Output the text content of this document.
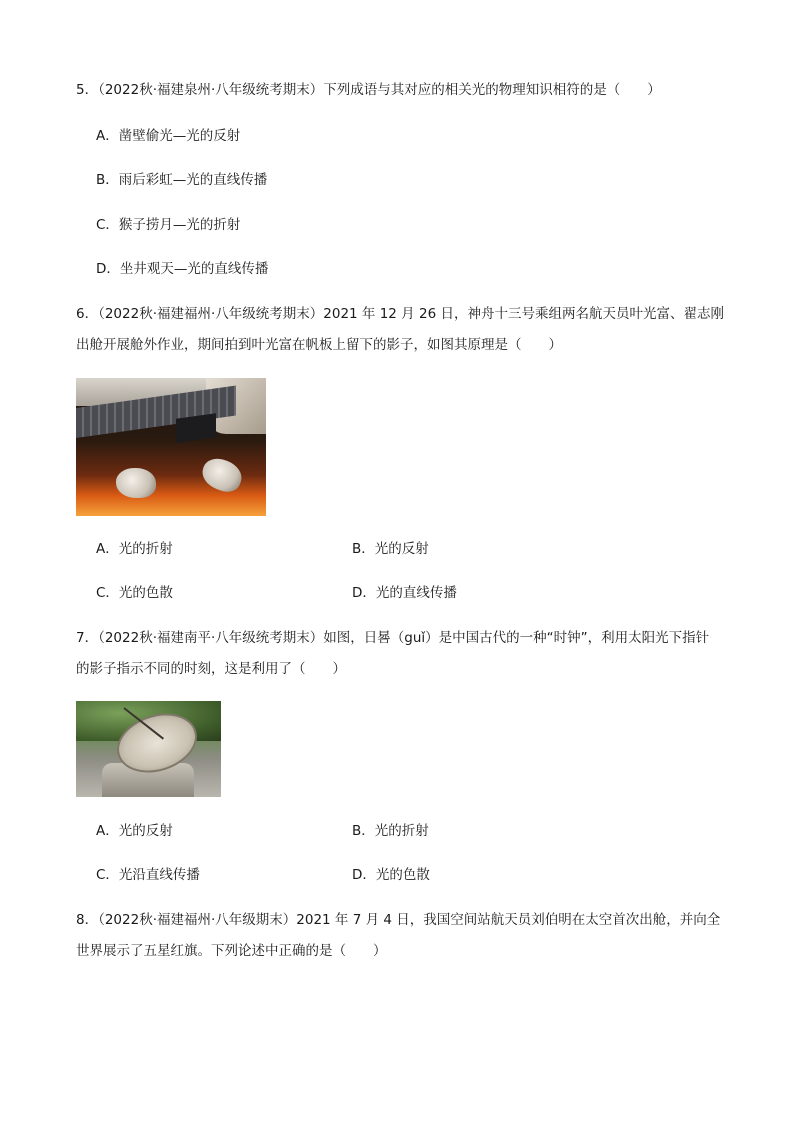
5．（2022秋·福建泉州·八年级统考期末）下列成语与其对应的相关光的物理知识相符的是（　　）
A．凿壁偷光—光的反射
B．雨后彩虹—光的直线传播
C．猴子捞月—光的折射
D．坐井观天—光的直线传播
6．（2022秋·福建福州·八年级统考期末）2021 年 12 月 26 日，神舟十三号乘组两名航天员叶光富、翟志刚
出舱开展舱外作业，期间拍到叶光富在帆板上留下的影子，如图其原理是（　　）
A．光的折射	B．光的反射
C．光的色散	D．光的直线传播
7．（2022秋·福建南平·八年级统考期末）如图，日晷（guǐ）是中国古代的一种“时钟”，利用太阳光下指针
的影子指示不同的时刻，这是利用了（　　）
A．光的反射	B．光的折射
C．光沿直线传播	D．光的色散
8．（2022秋·福建福州·八年级期末）2021 年 7 月 4 日，我国空间站航天员刘伯明在太空首次出舱，并向全
世界展示了五星红旗。下列论述中正确的是（　　）
